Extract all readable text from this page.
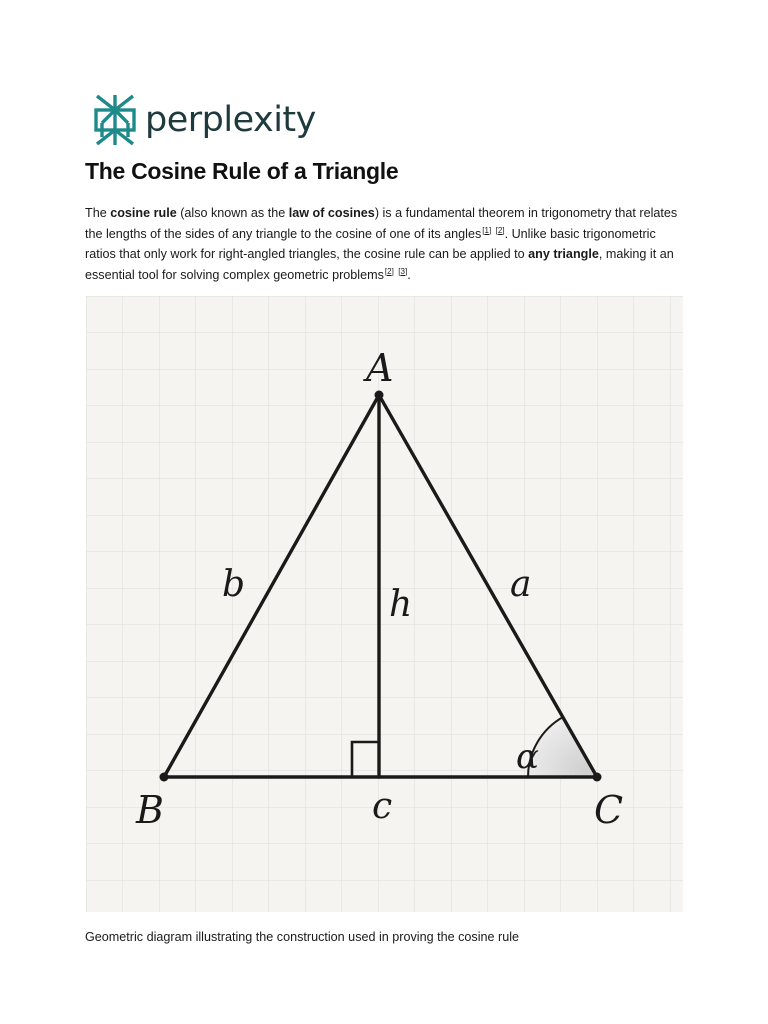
perplexity
The Cosine Rule of a Triangle

The cosine rule (also known as the law of cosines) is a fundamental theorem in trigonometry that relates the lengths of the sides of any triangle to the cosine of one of its angles[1] [2]. Unlike basic trigonometric ratios that only work for right-angled triangles, the cosine rule can be applied to any triangle, making it an essential tool for solving complex geometric problems[2] [3].

A
B	C
a
b
c
h
α

Geometric diagram illustrating the construction used in proving the cosine rule
